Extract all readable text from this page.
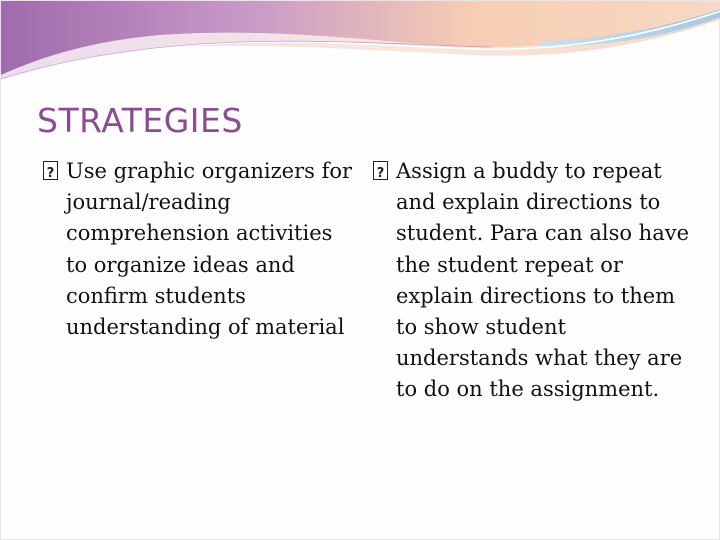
STRATEGIES
?Use graphic organizers for journal/reading comprehension activities to organize ideas and confirm students understanding of material
?Assign a buddy to repeat and explain directions to student. Para can also have the student repeat or explain directions to them to show student understands what they are to do on the assignment.
